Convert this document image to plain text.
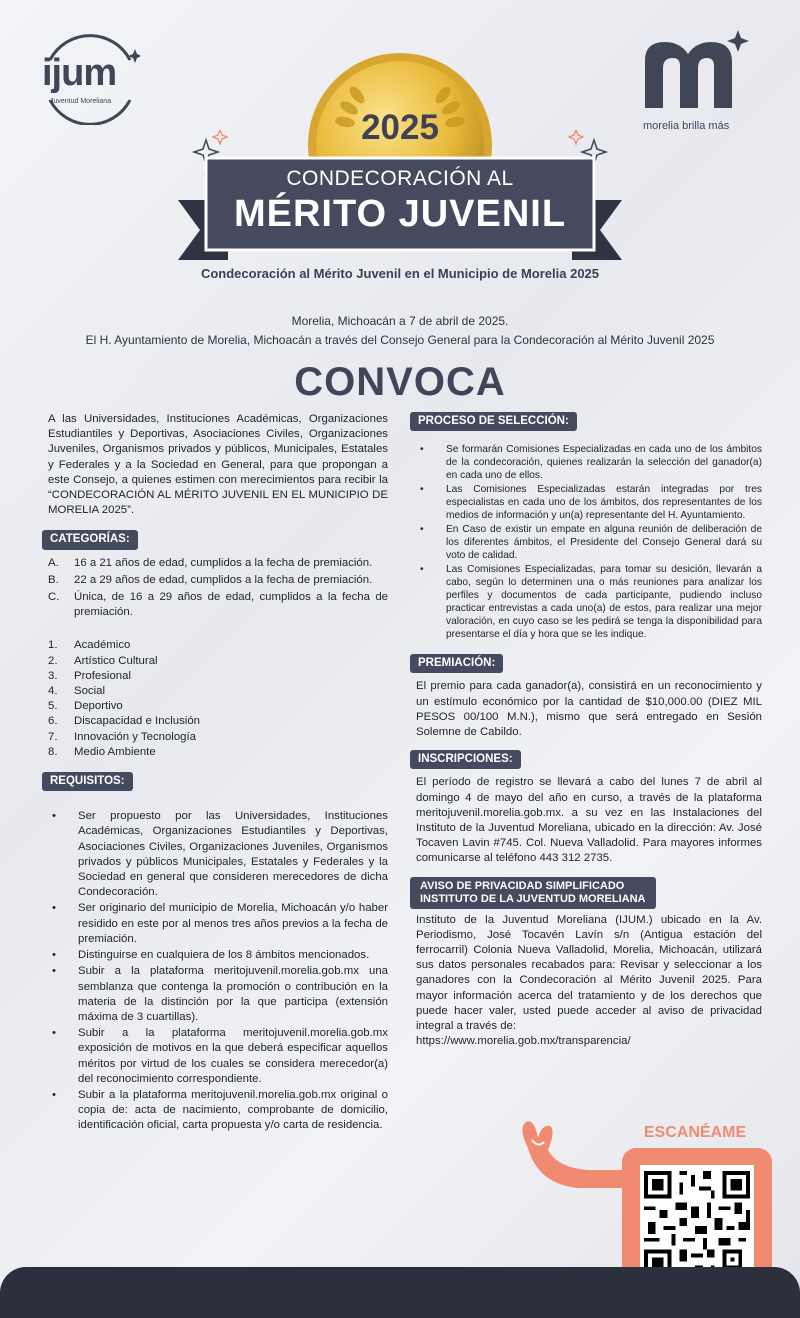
ijum
Juventud Moreliana
morelia brilla más
2025
CONDECORACIÓN AL
MÉRITO JUVENIL
Condecoración al Mérito Juvenil en el Municipio de Morelia 2025
Morelia, Michoacán a 7 de abril de 2025.
El H. Ayuntamiento de Morelia, Michoacán a través del Consejo General para la Condecoración al Mérito Juvenil 2025
CONVOCA
A las Universidades, Instituciones Académicas, Organizaciones Estudiantiles y Deportivas, Asociaciones Civiles, Organizaciones Juveniles, Organismos privados y públicos, Municipales, Estatales y Federales y a la Sociedad en General, para que propongan a este Consejo, a quienes estimen con merecimientos para recibir la “CONDECORACIÓN AL MÉRITO JUVENIL EN EL MUNICIPIO DE MORELIA 2025”.
CATEGORÍAS:
A.	16 a 21 años de edad, cumplidos a la fecha de premiación.
B.	22 a 29 años de edad, cumplidos a la fecha de premiación.
C.	Única, de 16 a 29 años de edad, cumplidos a la fecha de premiación.
1.	Académico
2.	Artístico Cultural
3.	Profesional
4.	Social
5.	Deportivo
6.	Discapacidad e Inclusión
7.	Innovación y Tecnología
8.	Medio Ambiente
REQUISITOS:
•	Ser propuesto por las Universidades, Instituciones Académicas, Organizaciones Estudiantiles y Deportivas, Asociaciones Civiles, Organizaciones Juveniles, Organismos privados y públicos Municipales, Estatales y Federales y la Sociedad en general que consideren merecedores de dicha Condecoración.
•	Ser originario del municipio de Morelia, Michoacán y/o haber residido en este por al menos tres años previos a la fecha de premiación.
•	Distinguirse en cualquiera de los 8 ámbitos mencionados.
•	Subir a la plataforma meritojuvenil.morelia.gob.mx una semblanza que contenga la promoción o contribución en la materia de la distinción por la que participa (extensión máxima de 3 cuartillas).
•	Subir a la plataforma meritojuvenil.morelia.gob.mx exposición de motivos en la que deberá especificar aquellos méritos por virtud de los cuales se considera merecedor(a) del reconocimiento correspondiente.
•	Subir a la plataforma meritojuvenil.morelia.gob.mx original o copia de: acta de nacimiento, comprobante de domicilio, identificación oficial, carta propuesta y/o carta de residencia.
PROCESO DE SELECCIÓN:
•	Se formarán Comisiones Especializadas en cada uno de los ámbitos de la condecoración, quienes realizarán la selección del ganador(a) en cada uno de ellos.
•	Las Comisiones Especializadas estarán integradas por tres especialistas en cada uno de los ámbitos, dos representantes de los medios de información y un(a) representante del H. Ayuntamiento.
•	En Caso de existir un empate en alguna reunión de deliberación de los diferentes ámbitos, el Presidente del Consejo General dará su voto de calidad.
•	Las Comisiones Especializadas, para tomar su desición, llevarán a cabo, según lo determinen una o más reuniones para analizar los perfiles y documentos de cada participante, pudiendo incluso practicar entrevistas a cada uno(a) de estos, para realizar una mejor valoración, en cuyo caso se les pedirá se tenga la disponibilidad para presentarse el día y hora que se les indique.
PREMIACIÓN:
El premio para cada ganador(a), consistirá en un reconocimiento y un estímulo económico por la cantidad de $10,000.00 (DIEZ MIL PESOS 00/100 M.N.), mismo que será entregado en Sesión Solemne de Cabildo.
INSCRIPCIONES:
El período de registro se llevará a cabo del lunes 7 de abril al domingo 4 de mayo del año en curso, a través de la plataforma meritojuvenil.morelia.gob.mx. a su vez en las Instalaciones del Instituto de la Juventud Moreliana, ubicado en la dirección: Av. José Tocaven Lavin #745. Col. Nueva Valladolid. Para mayores informes comunicarse al teléfono 443 312 2735.
AVISO DE PRIVACIDAD SIMPLIFICADO
INSTITUTO DE LA JUVENTUD MORELIANA
Instituto de la Juventud Moreliana (IJUM.) ubicado en la Av. Periodismo, José Tocavén Lavín s/n (Antigua estación del ferrocarril) Colonia Nueva Valladolid, Morelia, Michoacán, utilizará sus datos personales recabados para: Revisar y seleccionar a los ganadores con la Condecoración al Mérito Juvenil 2025. Para mayor información acerca del tratamiento y de los derechos que puede hacer valer, usted puede acceder al aviso de privacidad integral a través de:
https://www.morelia.gob.mx/transparencia/
ESCANÉAME
